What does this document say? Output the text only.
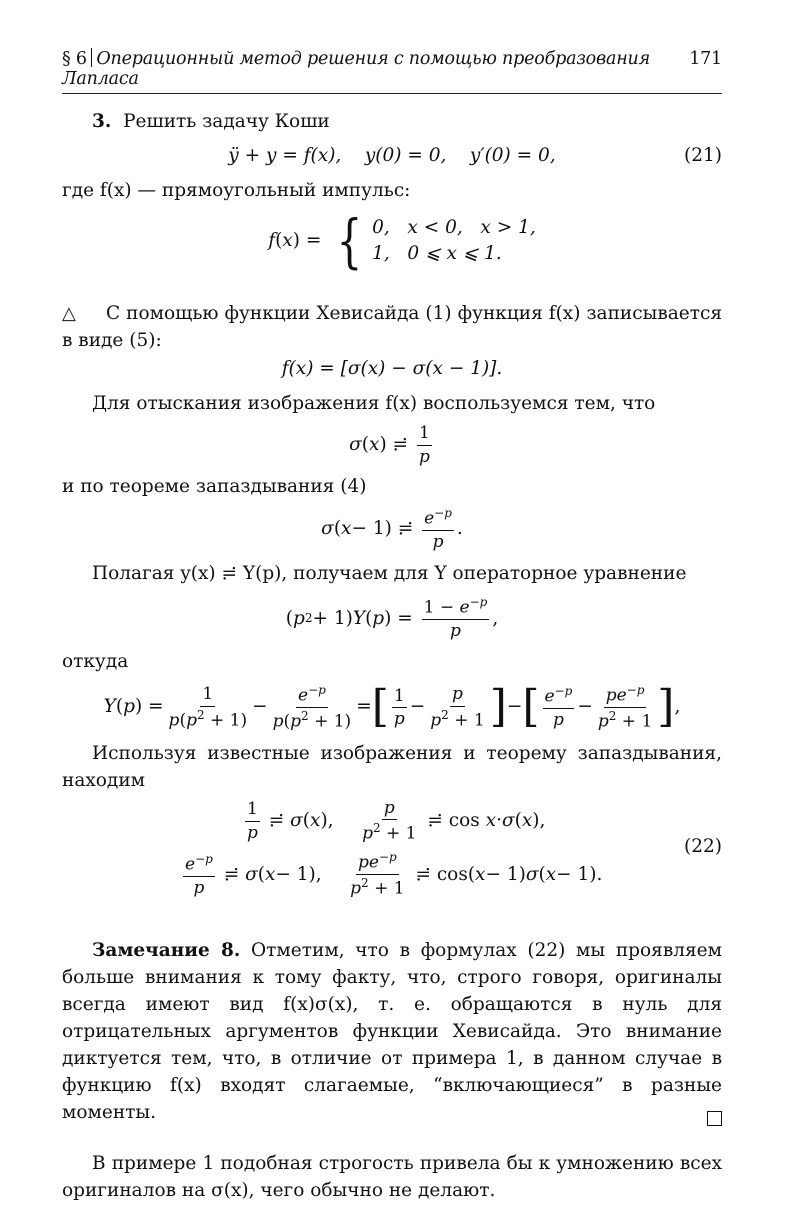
§ 6 Операционный метод решения с помощью преобразования Лапласа
171

3. Решить задачу Коши

ÿ + y = f(x),    y(0) = 0,    y′(0) = 0,	(21)

где f(x) — прямоугольный импульс:

f ( x ) = { 0,   x < 0,   x > 1,
1,   0 ⩽ x ⩽ 1.

△ С помощью функции Хевисайда (1) функция f(x) записывается в виде (5):

f(x) = [σ(x) − σ(x − 1)].

Для отыскания изображения f(x) воспользуемся тем, что

σ ( x ) ≓ $\frac{1}{p}$

и по теореме запаздывания (4)

σ ( x − 1) ≓ $\frac{e^{-p}}{p}$ .

Полагая y(x) ≓ Y(p), получаем для Y операторное уравнение

( p 2 + 1) Y ( p ) = $\frac{1 - e^{-p}}{p}$ ,

откуда

Y ( p ) = $\frac{1}{p(p^2 + 1)} - \frac{e^{-p}}{p(p^2 + 1)}$ = [ $\frac{1}{p} - \frac{p}{p^2 + 1}$ ] − [ $\frac{e^{-p}}{p} - \frac{pe^{-p}}{p^2 + 1}$ ] ,

Используя известные изображения и теорему запаздывания, находим

$\frac{1}{p}$ ≓ σ ( x ), $\frac{p}{p^2 + 1}$ ≓ cos x · σ ( x ),
$\frac{e^{-p}}{p}$ ≓ σ ( x − 1), $\frac{pe^{-p}}{p^2 + 1}$ ≓ cos( x − 1) σ ( x − 1).
(22)

Замечание 8. Отметим, что в формулах (22) мы проявляем больше внимания к тому факту, что, строго говоря, оригиналы всегда имеют вид f(x)σ(x), т. е. обращаются в нуль для отрицательных аргументов функции Хевисайда. Это внимание диктуется тем, что, в отличие от примера 1, в данном случае в функцию f(x) входят слагаемые, “включающиеся” в разные моменты.

В примере 1 подобная строгость привела бы к умножению всех оригиналов на σ(x), чего обычно не делают.
